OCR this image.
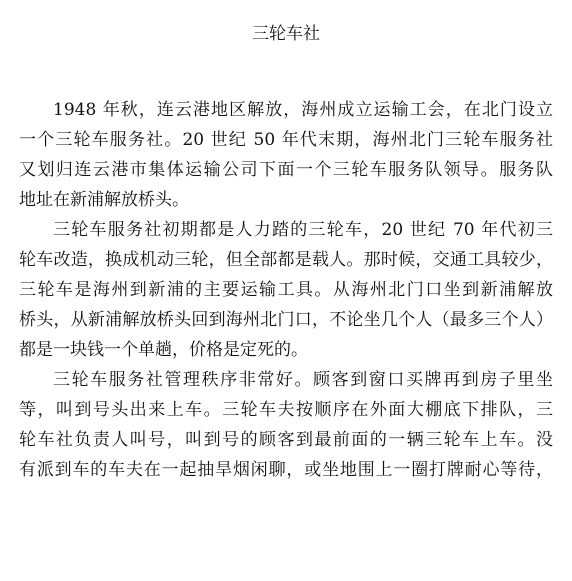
三轮车社
1948 年秋，连云港地区解放，海州成立运输工会，在北门设立
一个三轮车服务社。20 世纪 50 年代末期，海州北门三轮车服务社
又划归连云港市集体运输公司下面一个三轮车服务队领导。服务队
地址在新浦解放桥头。
三轮车服务社初期都是人力踏的三轮车，20 世纪 70 年代初三
轮车改造，换成机动三轮，但全部都是载人。那时候，交通工具较少，
三轮车是海州到新浦的主要运输工具。从海州北门口坐到新浦解放
桥头，从新浦解放桥头回到海州北门口，不论坐几个人（最多三个人）
都是一块钱一个单趟，价格是定死的。
三轮车服务社管理秩序非常好。顾客到窗口买牌再到房子里坐
等，叫到号头出来上车。三轮车夫按顺序在外面大棚底下排队，三
轮车社负责人叫号，叫到号的顾客到最前面的一辆三轮车上车。没
有派到车的车夫在一起抽旱烟闲聊，或坐地围上一圈打牌耐心等待，
